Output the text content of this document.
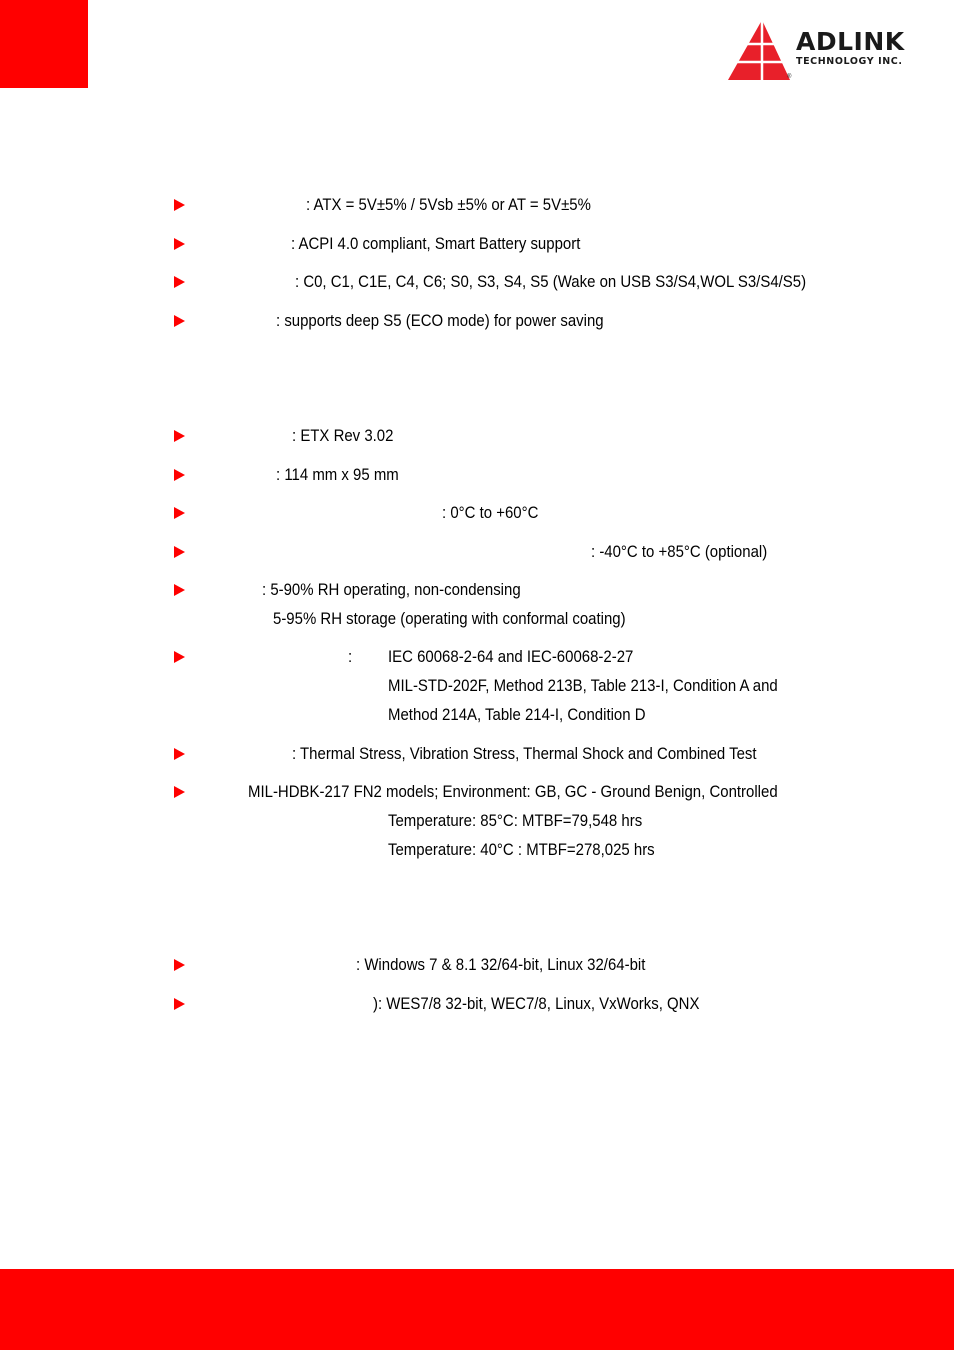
ADLINK
TECHNOLOGY INC.
®
: ATX = 5V±5% / 5Vsb ±5% or AT = 5V±5%
: ACPI 4.0 compliant, Smart Battery support
: C0, C1, C1E, C4, C6; S0, S3, S4, S5 (Wake on USB S3/S4,WOL S3/S4/S5)
: supports deep S5 (ECO mode) for power saving
: ETX Rev 3.02
: 114 mm x 95 mm
: 0°C to +60°C
: -40°C to +85°C (optional)
: 5-90% RH operating, non-condensing
5-95% RH storage (operating with conformal coating)
: IEC 60068-2-64 and IEC-60068-2-27
MIL-STD-202F, Method 213B, Table 213-I, Condition A and
Method 214A, Table 214-I, Condition D
: Thermal Stress, Vibration Stress, Thermal Shock and Combined Test
MIL-HDBK-217 FN2 models; Environment: GB, GC - Ground Benign, Controlled
Temperature: 85°C: MTBF=79,548 hrs
Temperature: 40°C : MTBF=278,025 hrs
: Windows 7 & 8.1 32/64-bit, Linux 32/64-bit
): WES7/8 32-bit, WEC7/8, Linux, VxWorks, QNX
